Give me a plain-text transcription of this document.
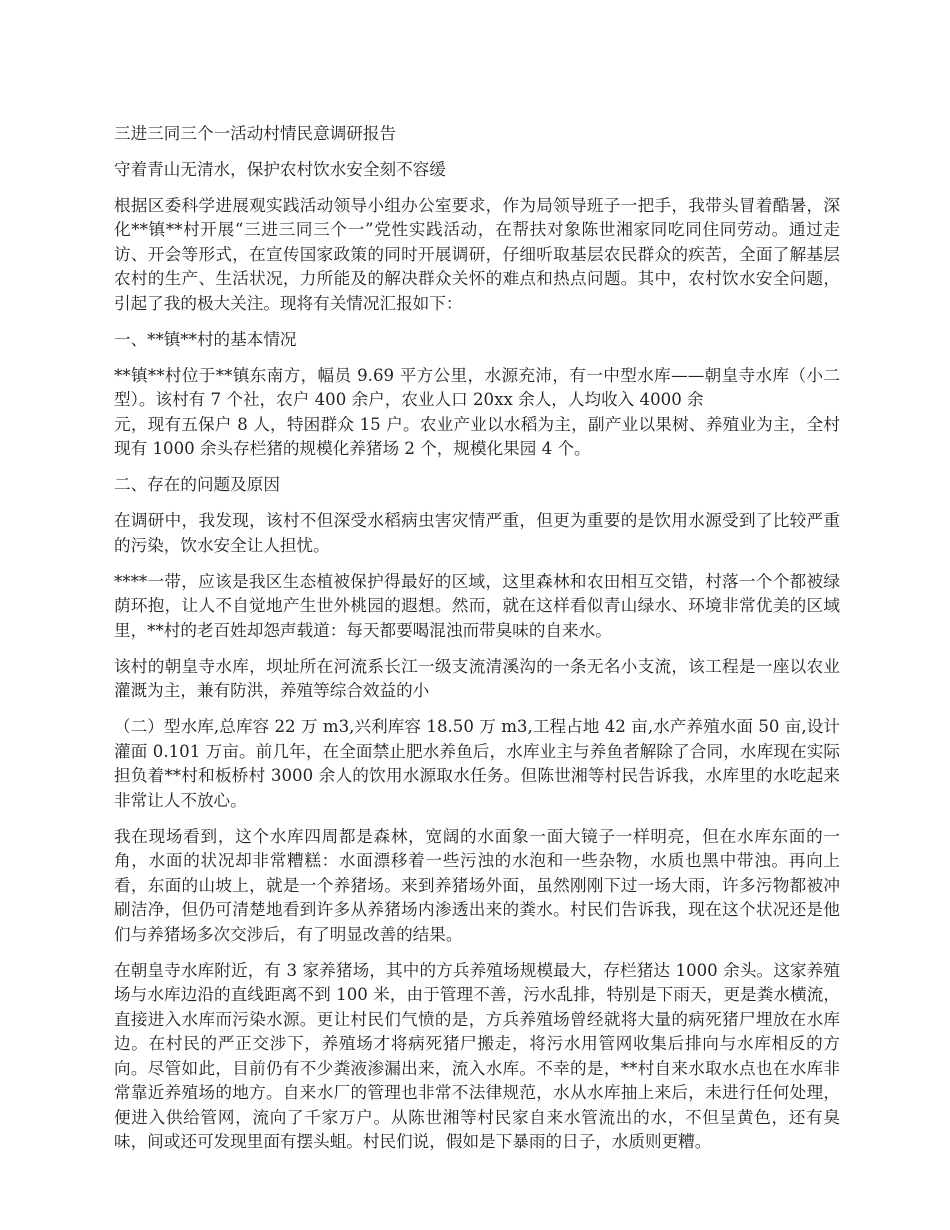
三进三同三个一活动村情民意调研报告

守着青山无清水，保护农村饮水安全刻不容缓

根据区委科学进展观实践活动领导小组办公室要求，作为局领导班子一把手，我带头冒着酷暑，深化**镇**村开展“三进三同三个一”党性实践活动，在帮扶对象陈世湘家同吃同住同劳动。通过走访、开会等形式，在宣传国家政策的同时开展调研，仔细听取基层农民群众的疾苦，全面了解基层农村的生产、生活状况，力所能及的解决群众关怀的难点和热点问题。其中，农村饮水安全问题，引起了我的极大关注。现将有关情况汇报如下：

一、**镇**村的基本情况

**镇**村位于**镇东南方，幅员 9.69 平方公里，水源充沛，有一中型水库——朝皇寺水库（小二型）。该村有 7 个社，农户 400 余户，农业人口 20xx 余人，人均收入 4000 余
元，现有五保户 8 人，特困群众 15 户。农业产业以水稻为主，副产业以果树、养殖业为主，全村现有 1000 余头存栏猪的规模化养猪场 2 个，规模化果园 4 个。

二、存在的问题及原因

在调研中，我发现，该村不但深受水稻病虫害灾情严重，但更为重要的是饮用水源受到了比较严重的污染，饮水安全让人担忧。

****一带，应该是我区生态植被保护得最好的区域，这里森林和农田相互交错，村落一个个都被绿荫环抱，让人不自觉地产生世外桃园的遐想。然而，就在这样看似青山绿水、环境非常优美的区域里，**村的老百姓却怨声载道：每天都要喝混浊而带臭味的自来水。

该村的朝皇寺水库，坝址所在河流系长江一级支流清溪沟的一条无名小支流，该工程是一座以农业灌溉为主，兼有防洪，养殖等综合效益的小

（二）型水库,总库容 22 万 m3,兴利库容 18.50 万 m3,工程占地 42 亩,水产养殖水面 50 亩,设计灌面 0.101 万亩。前几年，在全面禁止肥水养鱼后，水库业主与养鱼者解除了合同，水库现在实际担负着**村和板桥村 3000 余人的饮用水源取水任务。但陈世湘等村民告诉我，水库里的水吃起来非常让人不放心。

我在现场看到，这个水库四周都是森林，宽阔的水面象一面大镜子一样明亮，但在水库东面的一角，水面的状况却非常糟糕：水面漂移着一些污浊的水泡和一些杂物，水质也黑中带浊。再向上看，东面的山坡上，就是一个养猪场。来到养猪场外面，虽然刚刚下过一场大雨，许多污物都被冲刷洁净，但仍可清楚地看到许多从养猪场内渗透出来的粪水。村民们告诉我，现在这个状况还是他们与养猪场多次交涉后，有了明显改善的结果。

在朝皇寺水库附近，有 3 家养猪场，其中的方兵养殖场规模最大，存栏猪达 1000 余头。这家养殖场与水库边沿的直线距离不到 100 米，由于管理不善，污水乱排，特别是下雨天，更是粪水横流，直接进入水库而污染水源。更让村民们气愤的是，方兵养殖场曾经就将大量的病死猪尸埋放在水库边。在村民的严正交涉下，养殖场才将病死猪尸搬走，将污水用管网收集后排向与水库相反的方向。尽管如此，目前仍有不少粪液渗漏出来，流入水库。不幸的是，**村自来水取水点也在水库非常靠近养殖场的地方。自来水厂的管理也非常不法律规范，水从水库抽上来后，未进行任何处理，便进入供给管网，流向了千家万户。从陈世湘等村民家自来水管流出的水，不但呈黄色，还有臭味，间或还可发现里面有摆头蛆。村民们说，假如是下暴雨的日子，水质则更糟。
